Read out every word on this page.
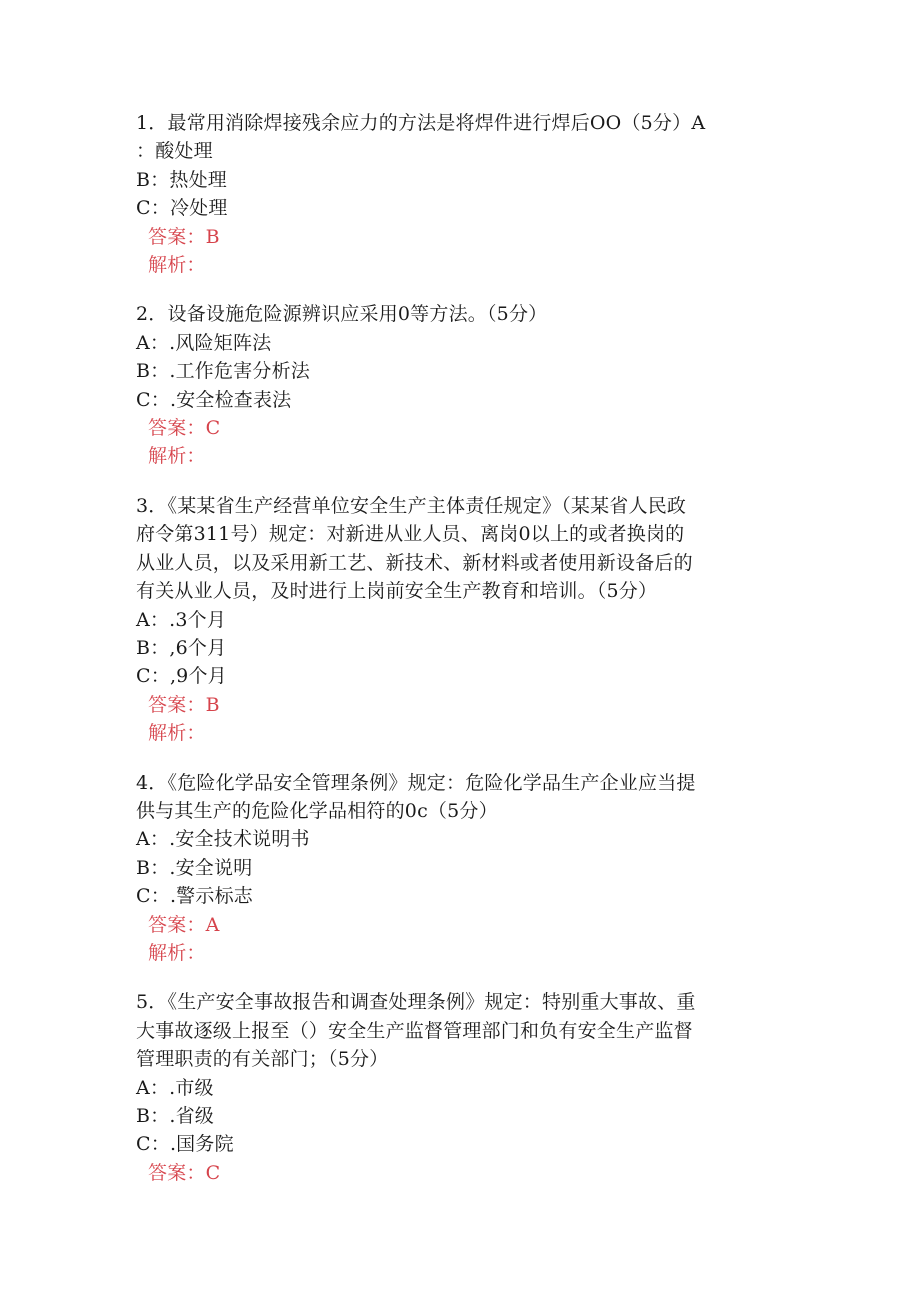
1．最常用消除焊接残余应力的方法是将焊件进行焊后OO（5分）A
：酸处理
B：热处理
C：冷处理
答案：B
解析：
2．设备设施危险源辨识应采用0等方法。（5分）
A：.风险矩阵法
B：.工作危害分析法
C：.安全检查表法
答案：C
解析：
3．《某某省生产经营单位安全生产主体责任规定》（某某省人民政
府令第311号）规定：对新进从业人员、离岗0以上的或者换岗的
从业人员，以及采用新工艺、新技术、新材料或者使用新设备后的
有关从业人员，及时进行上岗前安全生产教育和培训。（5分）
A：.3个月
B：,6个月
C：,9个月
答案：B
解析：
4．《危险化学品安全管理条例》规定：危险化学品生产企业应当提
供与其生产的危险化学品相符的0c（5分）
A：.安全技术说明书
B：.安全说明
C：.警示标志
答案：A
解析：
5．《生产安全事故报告和调查处理条例》规定：特别重大事故、重
大事故逐级上报至（）安全生产监督管理部门和负有安全生产监督
管理职责的有关部门；（5分）
A：.市级
B：.省级
C：.国务院
答案：C
